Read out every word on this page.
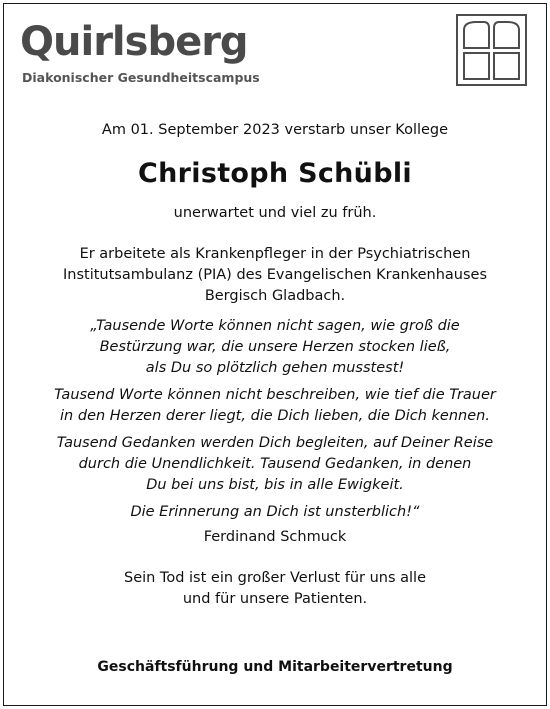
Quirlsberg
Diakonischer Gesundheitscampus
Am 01. September 2023 verstarb unser Kollege
Christoph Schübli
unerwartet und viel zu früh.
Er arbeitete als Krankenpfleger in der Psychiatrischen
Institutsambulanz (PIA) des Evangelischen Krankenhauses
Bergisch Gladbach.
„Tausende Worte können nicht sagen, wie groß die
Bestürzung war, die unsere Herzen stocken ließ,
als Du so plötzlich gehen musstest!
Tausend Worte können nicht beschreiben, wie tief die Trauer
in den Herzen derer liegt, die Dich lieben, die Dich kennen.
Tausend Gedanken werden Dich begleiten, auf Deiner Reise
durch die Unendlichkeit. Tausend Gedanken, in denen
Du bei uns bist, bis in alle Ewigkeit.
Die Erinnerung an Dich ist unsterblich!“
Ferdinand Schmuck
Sein Tod ist ein großer Verlust für uns alle
und für unsere Patienten.
Geschäftsführung und Mitarbeitervertretung
